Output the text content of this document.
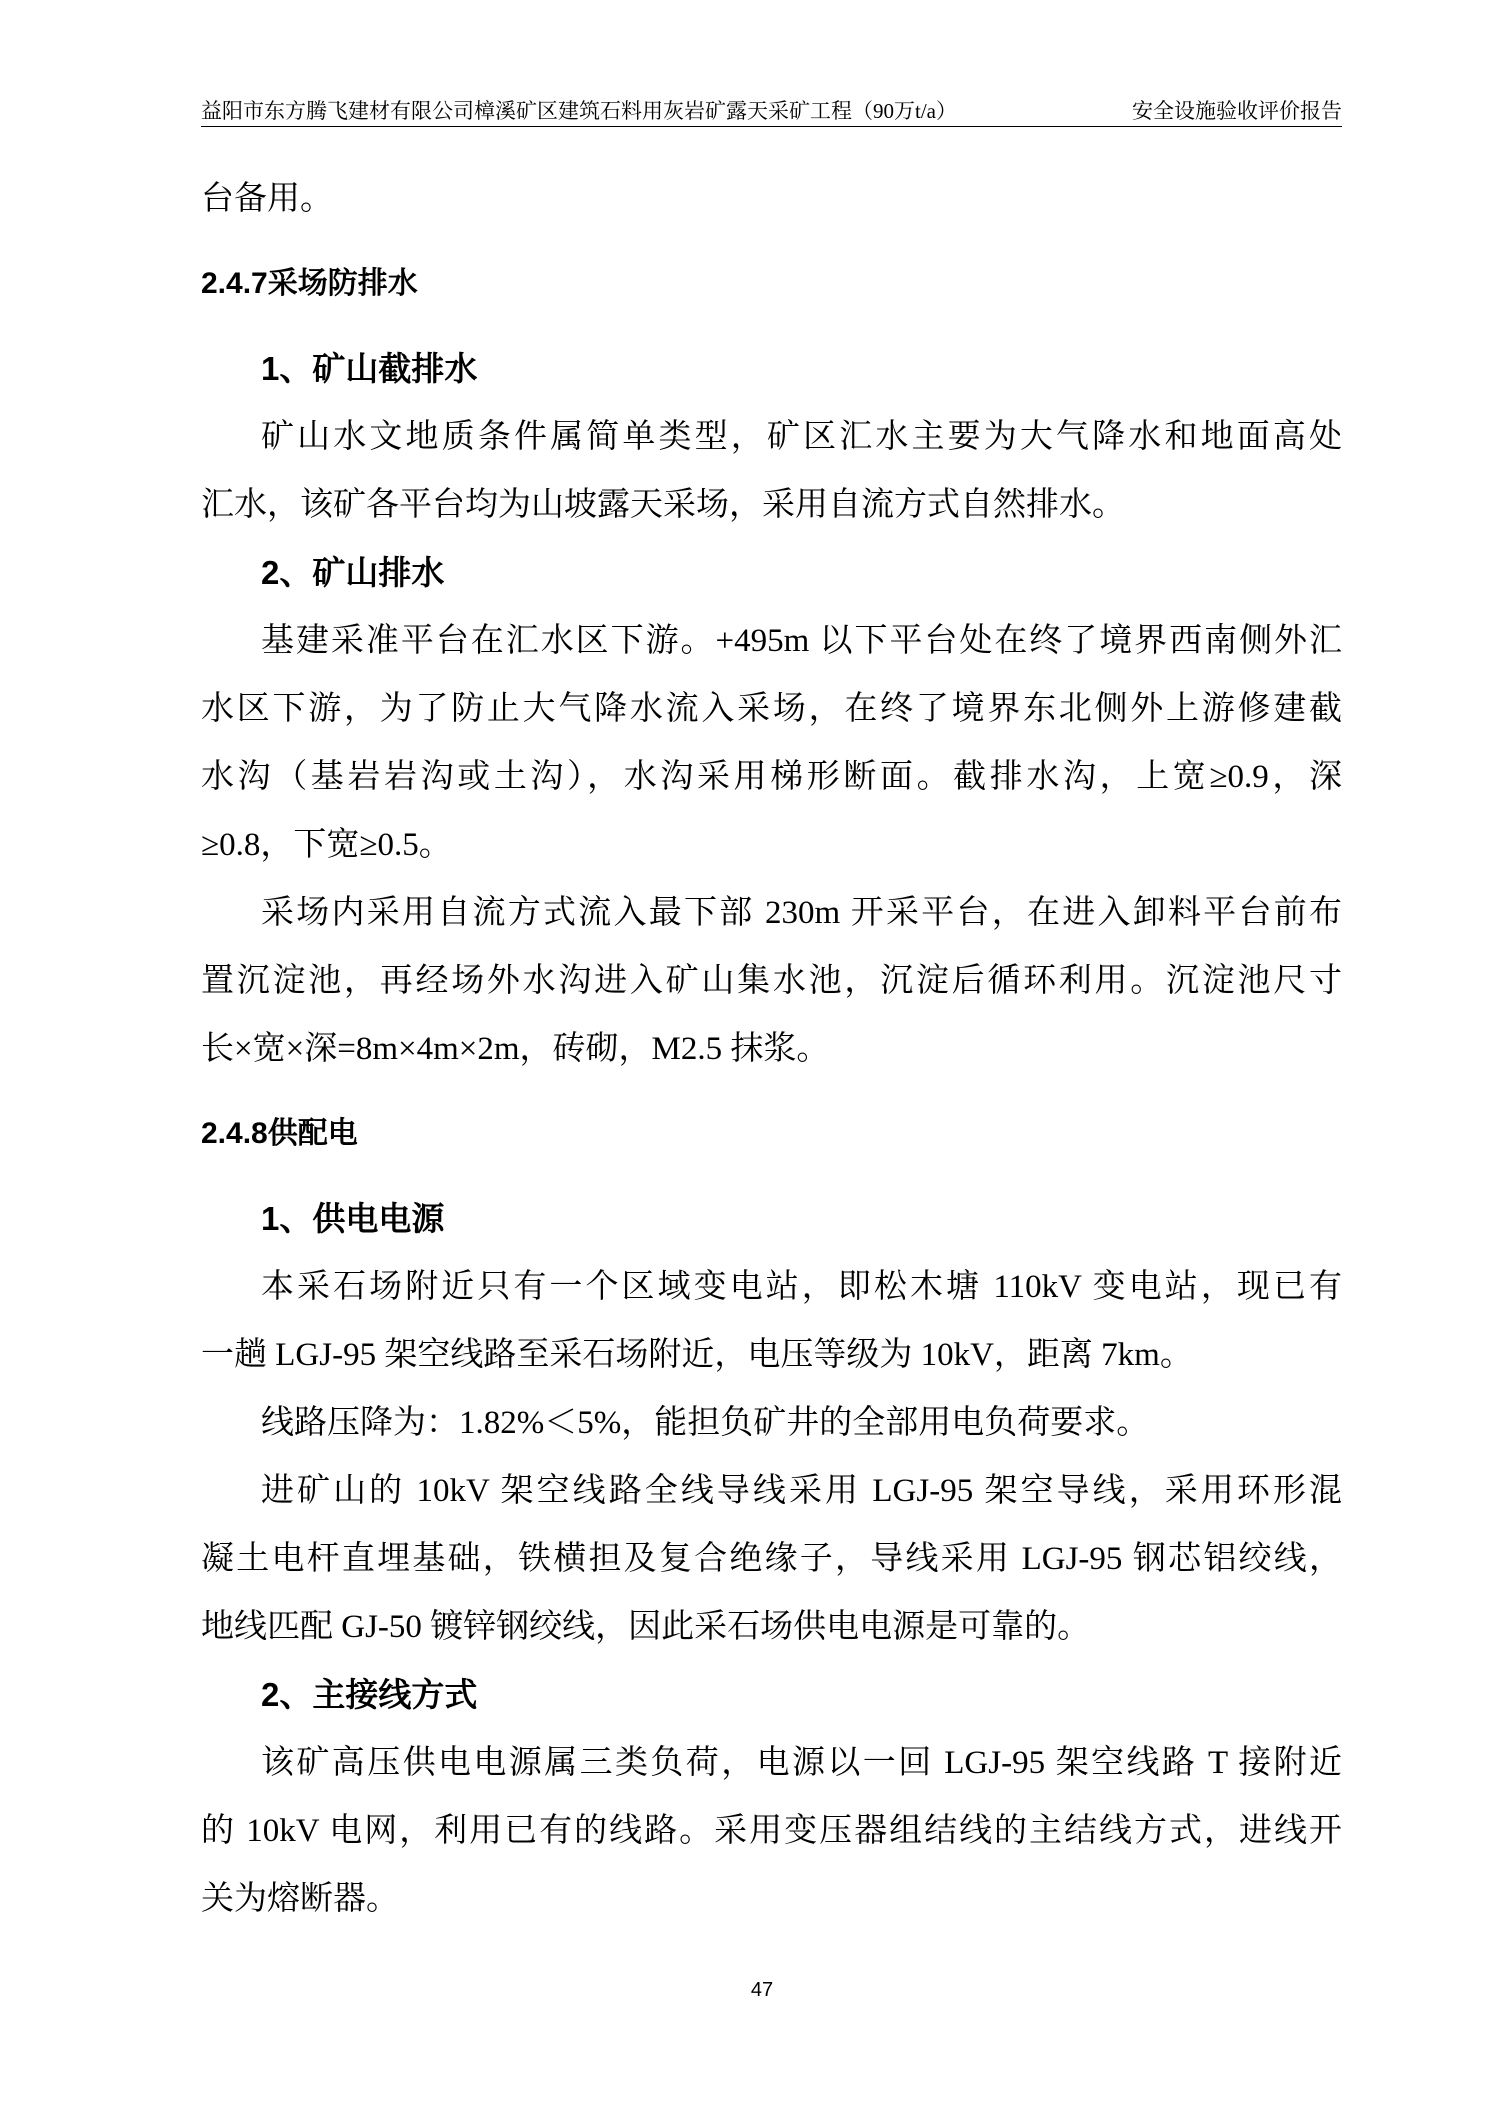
益阳市东方腾飞建材有限公司樟溪矿区建筑石料用灰岩矿露天采矿工程（90万t/a）	安全设施验收评价报告
台备用。
2.4.7采场防排水
1、矿山截排水
矿山水文地质条件属简单类型，矿区汇水主要为大气降水和地面高处
汇水，该矿各平台均为山坡露天采场，采用自流方式自然排水。
2、矿山排水
基建采准平台在汇水区下游。+495m 以下平台处在终了境界西南侧外汇
水区下游，为了防止大气降水流入采场，在终了境界东北侧外上游修建截
水沟（基岩岩沟或土沟），水沟采用梯形断面。截排水沟，上宽≥0.9，深
≥0.8，下宽≥0.5。
采场内采用自流方式流入最下部 230m 开采平台，在进入卸料平台前布
置沉淀池，再经场外水沟进入矿山集水池，沉淀后循环利用。沉淀池尺寸
长×宽×深=8m×4m×2m，砖砌，M2.5 抹浆。
2.4.8供配电
1、供电电源
本采石场附近只有一个区域变电站，即松木塘 110kV 变电站，现已有
一趟 LGJ-95 架空线路至采石场附近，电压等级为 10kV，距离 7km。
线路压降为：1.82%＜5%，能担负矿井的全部用电负荷要求。
进矿山的 10kV 架空线路全线导线采用 LGJ-95 架空导线，采用环形混
凝土电杆直埋基础，铁横担及复合绝缘子，导线采用 LGJ-95 钢芯铝绞线，
地线匹配 GJ-50 镀锌钢绞线，因此采石场供电电源是可靠的。
2、主接线方式
该矿高压供电电源属三类负荷，电源以一回 LGJ-95 架空线路 T 接附近
的 10kV 电网，利用已有的线路。采用变压器组结线的主结线方式，进线开
关为熔断器。
47
